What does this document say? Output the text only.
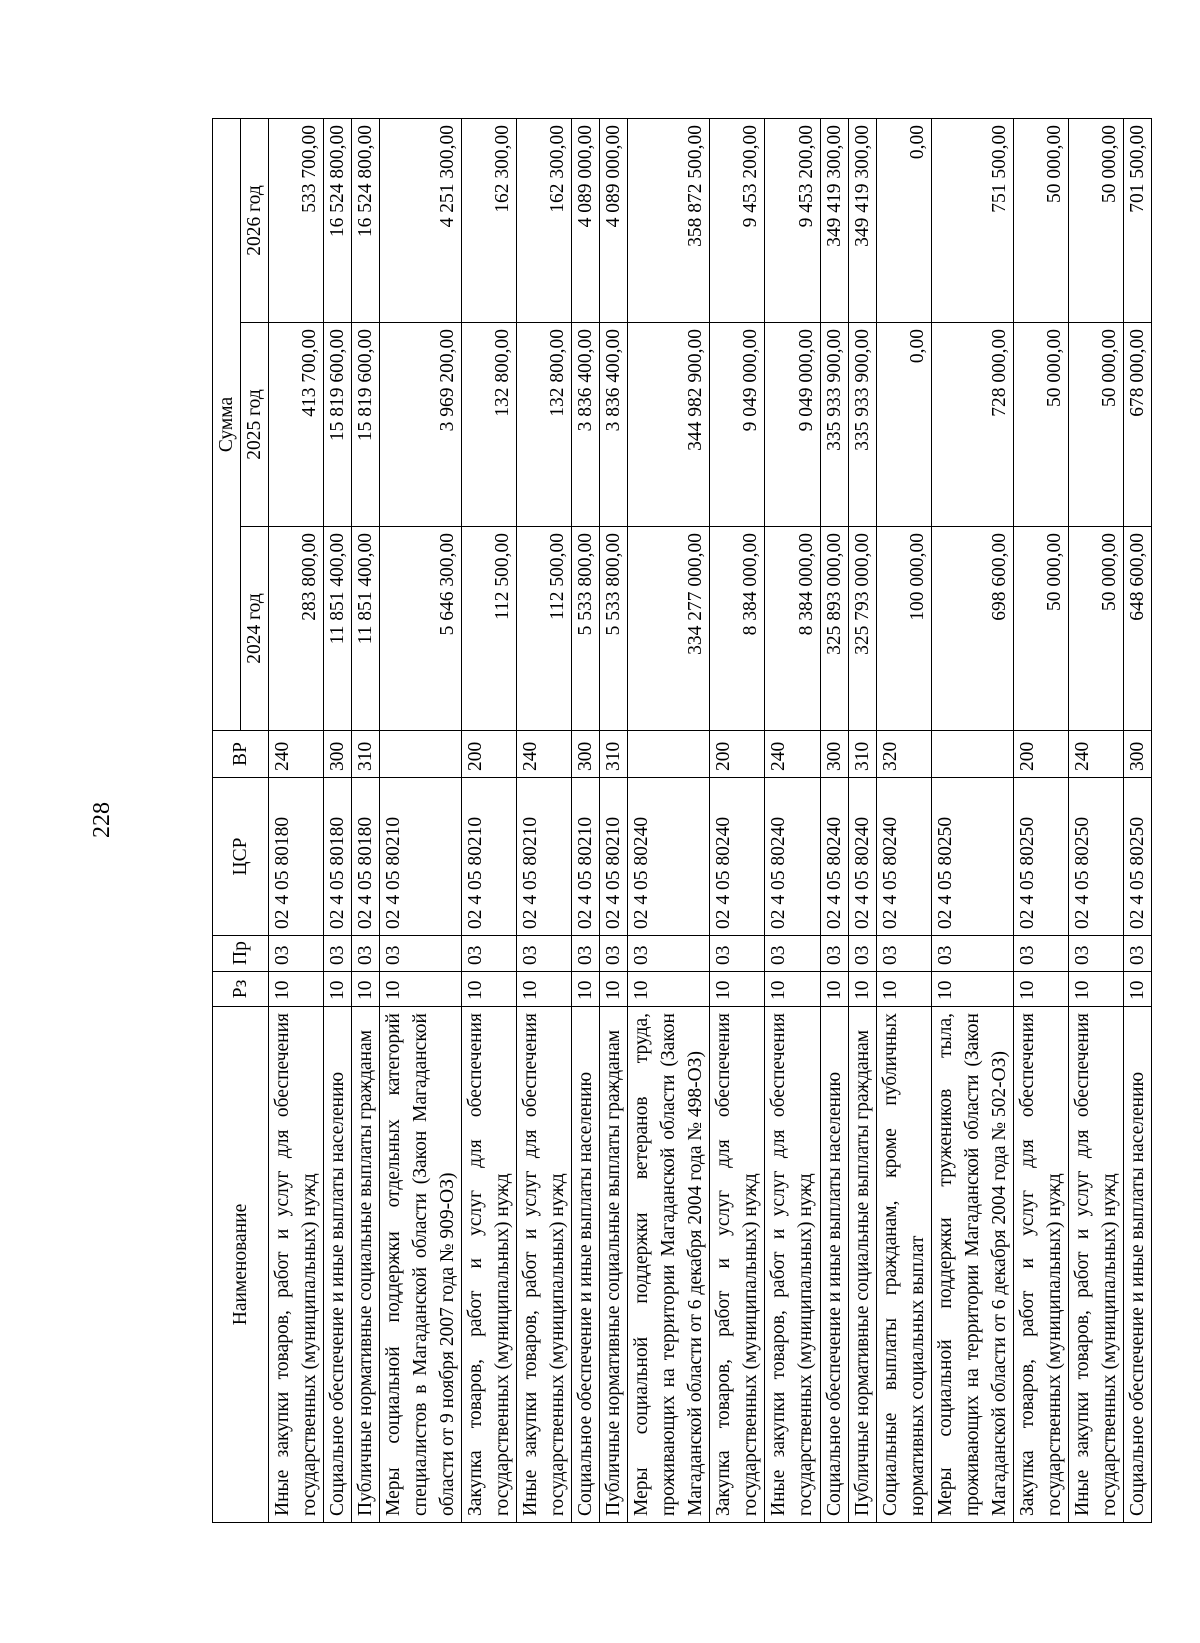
228
Наименование	Рз	Пр	ЦСР	ВР	Сумма		
					2024 год	2025 год	2026 год
Иные закупки товаров, работ и услуг для обеспечения государственных (муниципальных) нужд	10	03	02 4 05 80180	240	283 800,00	413 700,00	533 700,00
Социальное обеспечение и иные выплаты населению	10	03	02 4 05 80180	300	11 851 400,00	15 819 600,00	16 524 800,00
Публичные нормативные социальные выплаты гражданам	10	03	02 4 05 80180	310	11 851 400,00	15 819 600,00	16 524 800,00
Меры социальной поддержки отдельных категорий специалистов в Магаданской области (Закон Магаданской области от 9 ноября 2007 года № 909-ОЗ)	10	03	02 4 05 80210		5 646 300,00	3 969 200,00	4 251 300,00
Закупка товаров, работ и услуг для обеспечения государственных (муниципальных) нужд	10	03	02 4 05 80210	200	112 500,00	132 800,00	162 300,00
Иные закупки товаров, работ и услуг для обеспечения государственных (муниципальных) нужд	10	03	02 4 05 80210	240	112 500,00	132 800,00	162 300,00
Социальное обеспечение и иные выплаты населению	10	03	02 4 05 80210	300	5 533 800,00	3 836 400,00	4 089 000,00
Публичные нормативные социальные выплаты гражданам	10	03	02 4 05 80210	310	5 533 800,00	3 836 400,00	4 089 000,00
Меры социальной поддержки ветеранов труда, проживающих на территории Магаданской области (Закон Магаданской области от 6 декабря 2004 года № 498-ОЗ)	10	03	02 4 05 80240		334 277 000,00	344 982 900,00	358 872 500,00
Закупка товаров, работ и услуг для обеспечения государственных (муниципальных) нужд	10	03	02 4 05 80240	200	8 384 000,00	9 049 000,00	9 453 200,00
Иные закупки товаров, работ и услуг для обеспечения государственных (муниципальных) нужд	10	03	02 4 05 80240	240	8 384 000,00	9 049 000,00	9 453 200,00
Социальное обеспечение и иные выплаты населению	10	03	02 4 05 80240	300	325 893 000,00	335 933 900,00	349 419 300,00
Публичные нормативные социальные выплаты гражданам	10	03	02 4 05 80240	310	325 793 000,00	335 933 900,00	349 419 300,00
Социальные выплаты гражданам, кроме публичных нормативных социальных выплат	10	03	02 4 05 80240	320	100 000,00	0,00	0,00
Меры социальной поддержки тружеников тыла, проживающих на территории Магаданской области (Закон Магаданской области от 6 декабря 2004 года № 502-ОЗ)	10	03	02 4 05 80250		698 600,00	728 000,00	751 500,00
Закупка товаров, работ и услуг для обеспечения государственных (муниципальных) нужд	10	03	02 4 05 80250	200	50 000,00	50 000,00	50 000,00
Иные закупки товаров, работ и услуг для обеспечения государственных (муниципальных) нужд	10	03	02 4 05 80250	240	50 000,00	50 000,00	50 000,00
Социальное обеспечение и иные выплаты населению	10	03	02 4 05 80250	300	648 600,00	678 000,00	701 500,00
